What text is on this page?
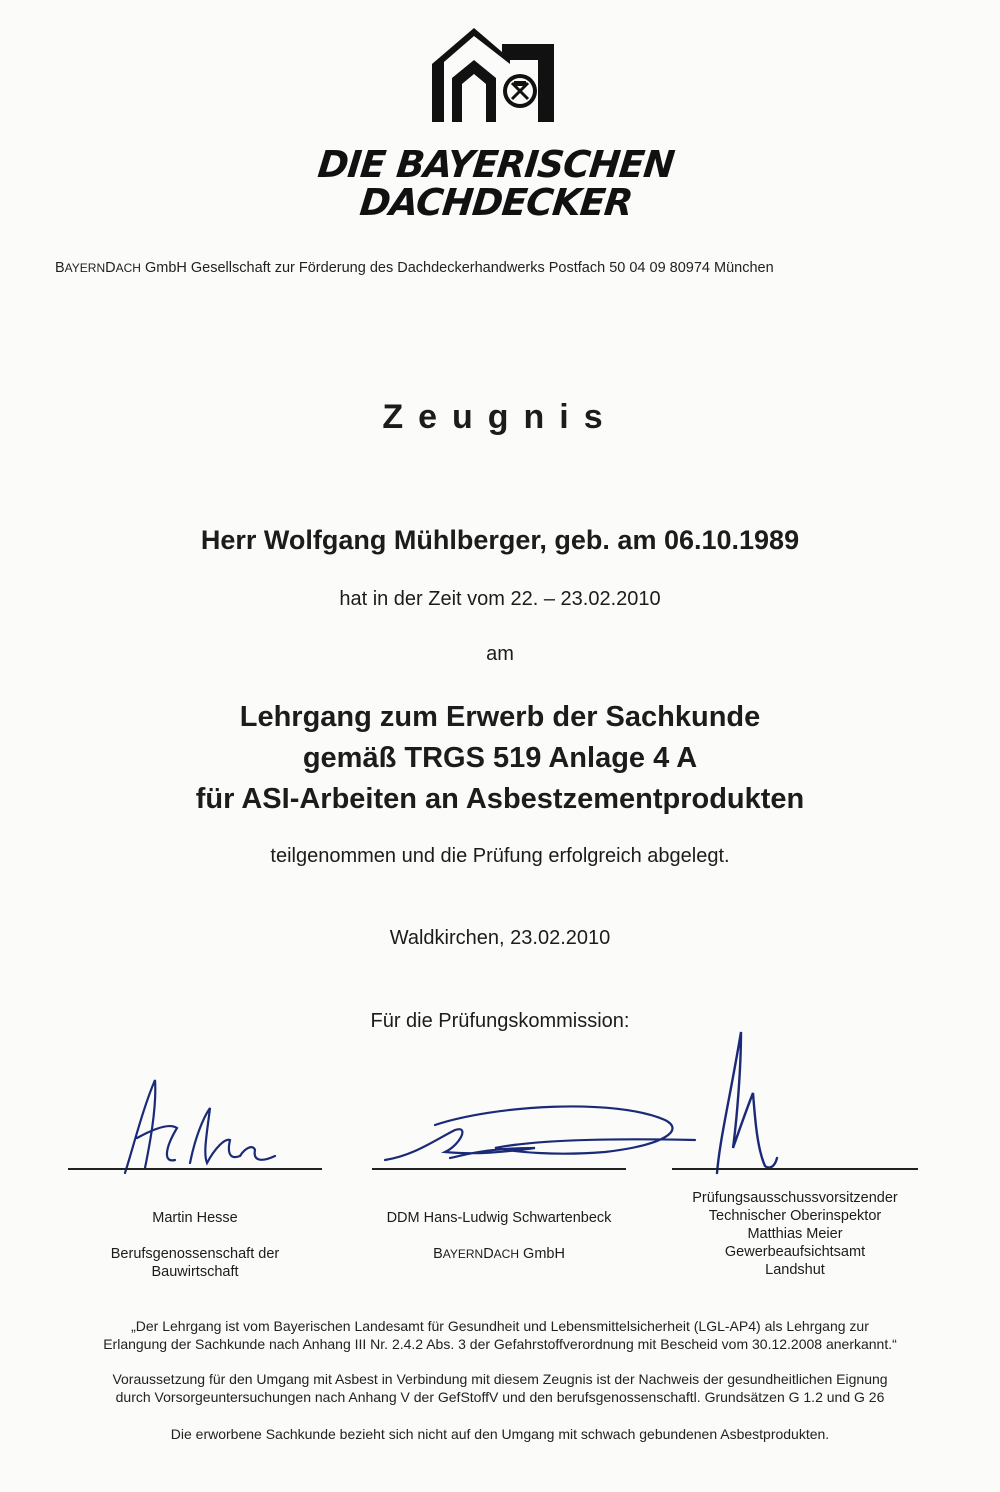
DIE BAYERISCHEN
DACHDECKER
BAYERNDACH GmbH Gesellschaft zur Förderung des Dachdeckerhandwerks Postfach 50 04 09 80974 München
Zeugnis
Herr Wolfgang Mühlberger, geb. am 06.10.1989
hat in der Zeit vom 22. – 23.02.2010
am
Lehrgang zum Erwerb der Sachkunde
gemäß TRGS 519 Anlage 4 A
für ASI-Arbeiten an Asbestzementprodukten
teilgenommen und die Prüfung erfolgreich abgelegt.
Waldkirchen, 23.02.2010
Für die Prüfungskommission:
Martin Hesse
Berufsgenossenschaft der
Bauwirtschaft
DDM Hans-Ludwig Schwartenbeck
BAYERNDACH GmbH
Prüfungsausschussvorsitzender
Technischer Oberinspektor
Matthias Meier
Gewerbeaufsichtsamt
Landshut
„Der Lehrgang ist vom Bayerischen Landesamt für Gesundheit und Lebensmittelsicherheit (LGL-AP4) als Lehrgang zur
Erlangung der Sachkunde nach Anhang III Nr. 2.4.2 Abs. 3 der Gefahrstoffverordnung mit Bescheid vom 30.12.2008 anerkannt.“
Voraussetzung für den Umgang mit Asbest in Verbindung mit diesem Zeugnis ist der Nachweis der gesundheitlichen Eignung
durch Vorsorgeuntersuchungen nach Anhang V der GefStoffV und den berufsgenossenschaftl. Grundsätzen G 1.2 und G 26
Die erworbene Sachkunde bezieht sich nicht auf den Umgang mit schwach gebundenen Asbestprodukten.
